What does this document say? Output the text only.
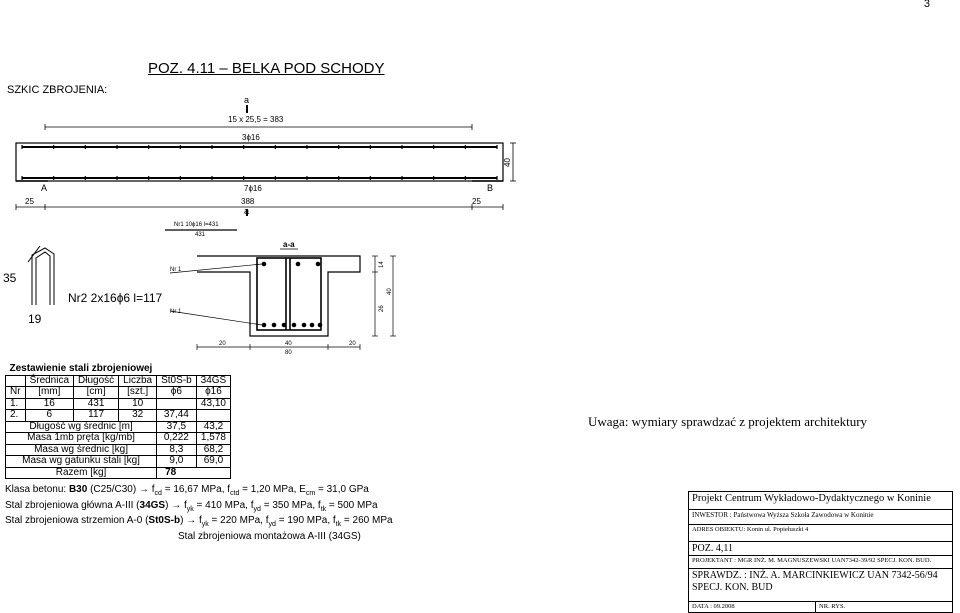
3
POZ. 4.11 – BELKA POD SCHODY
SZKIC ZBROJENIA:
a
15 x 25,5 = 383
3ϕ16
A	B
7ϕ16
40
25	388	25
a
Nr1 10ϕ16 l=431
431
35
19
Nr2 2x16ϕ6 l=117
a-a
Nr 1
Nr 1
14
26
40
20	40	20
80
Zestawienie stali zbrojeniowej					
	Średnica	Długość	Liczba	St0S-b	34GS
Nr	[mm]	[cm]	[szt.]	ϕ6	ϕ16
1.	16	431	10		43,10
2.	6	117	32	37,44	
Długość wg średnic [m]				37,5	43,2
Masa 1mb pręta [kg/mb]				0,222	1,578
Masa wg średnic [kg]				8,3	68,2
Masa wg gatunku stali [kg]				9,0	69,0
Razem [kg]				78	
Uwaga: wymiary sprawdzać z projektem architektury
Klasa betonu: B30 $(C25/C30) \to f_{cd} = 16,67$ MPa, $f_{ctd} = 1,20$ MPa, $E_{cm} = 31,0$ GPa
Stal zbrojeniowa główna A-III $(34GS) \to f_{yk} = 410$ MPa, $f_{yd} = 350$ MPa, $f_{tk} = 500$ MPa
Stal zbrojeniowa strzemion A-0 $(St0S-b) \to f_{yk} = 220$ MPa, $f_{yd} = 190$ MPa, $f_{tk} = 260$ MPa
Stal zbrojeniowa montażowa A-III (34GS)
Projekt Centrum Wykładowo-Dydaktycznego w Koninie
INWESTOR : Państwowa Wyższa Szkoła Zawodowa w Koninie
ADRES OBIEKTU: Konin ul. Popiełuszki 4
POZ. 4,11
PROJEKTANT : MGR INŻ. M. MAGNUSZEWSKI UAN7342-39/92 SPECJ. KON. BUD.

SPRAWDZ. : INŻ. A. MARCINKIEWICZ UAN 7342-56/94
SPECJ. KON. BUD

DATA : 09.2008	NR. RYS.
